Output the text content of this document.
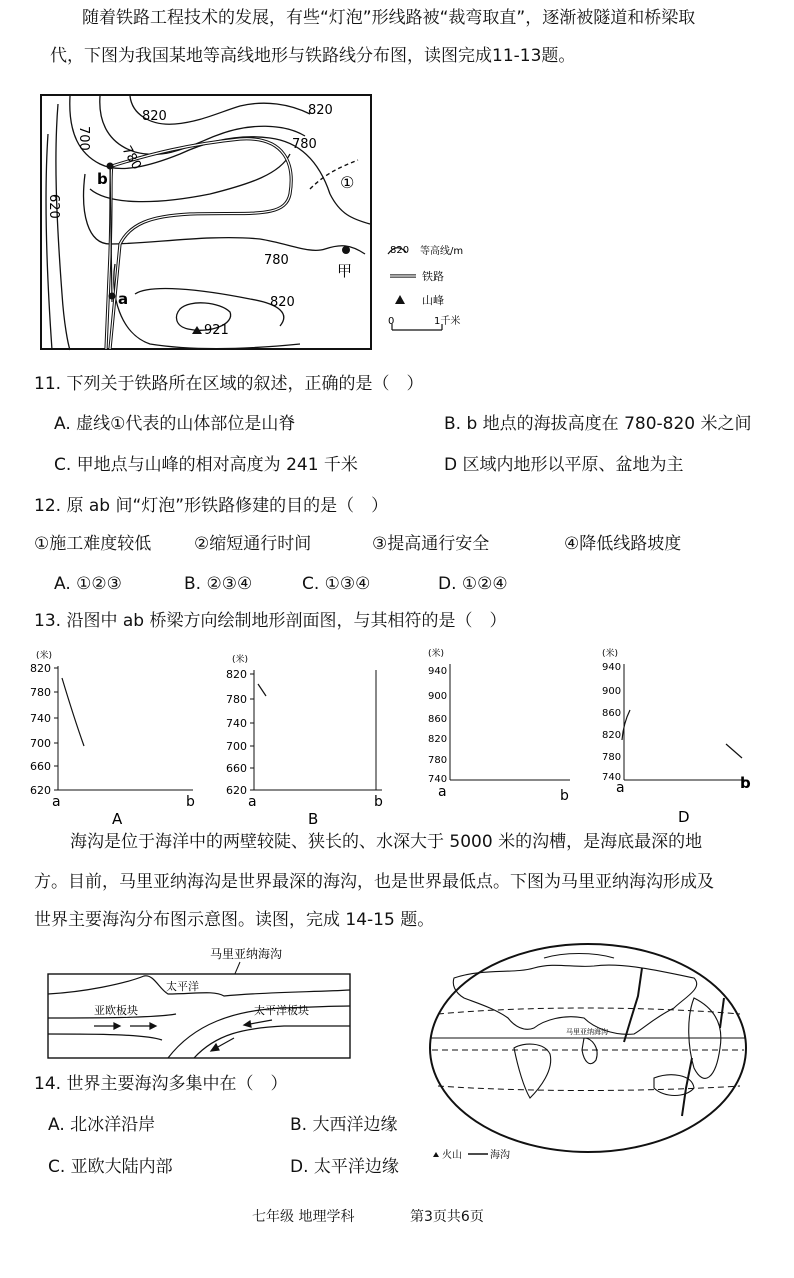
随着铁路工程技术的发展，有些“灯泡”形线路被“裁弯取直”，逐渐被隧道和桥梁取
代，下图为我国某地等高线地形与铁路线分布图，读图完成11-13题。
820	820
780
780
780
820
700
620
b
a
甲
①
921
820 等高线/m
铁路
山峰
0	1千米
11. 下列关于铁路所在区域的叙述，正确的是（　）
A. 虚线①代表的山体部位是山脊	B. b 地点的海拔高度在 780-820 米之间
C. 甲地点与山峰的相对高度为 241 千米	D 区域内地形以平原、盆地为主
12. 原 ab 间“灯泡”形铁路修建的目的是（　）
①施工难度较低	②缩短通行时间	③提高通行安全	④降低线路坡度
A. ①②③	B. ②③④	C. ①③④	D. ①②④
13. 沿图中 ab 桥梁方向绘制地形剖面图，与其相符的是（　）
(米)
820
780
740
700
660
620
a	b
A
(米)
820
780
740
700
660
620
a	b
B
(米)
940
900
860
820
780
740
a	b
(米)
940
900
860
820
780
740
a	b
D
海沟是位于海洋中的两壁较陡、狭长的、水深大于 5000 米的沟槽，是海底最深的地
方。目前，马里亚纳海沟是世界最深的海沟，也是世界最低点。下图为马里亚纳海沟形成及
世界主要海沟分布图示意图。读图，完成 14-15 题。
马里亚纳海沟
太平洋
亚欧板块	太平洋板块
马里亚纳海沟
火山	海沟
14. 世界主要海沟多集中在（　）
A. 北冰洋沿岸	B. 大西洋边缘
C. 亚欧大陆内部	D. 太平洋边缘
七年级 地理学科	第3页共6页
